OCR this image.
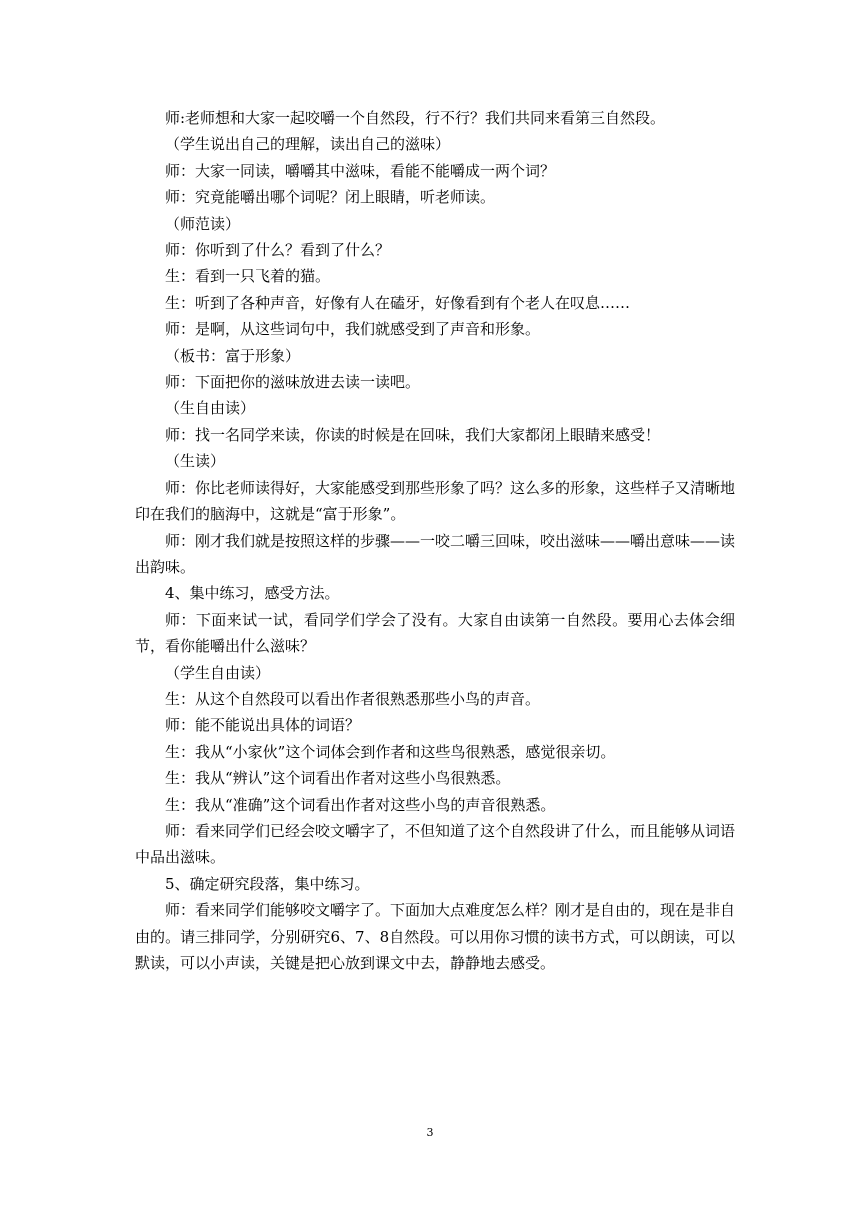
师:老师想和大家一起咬嚼一个自然段，行不行？我们共同来看第三自然段。

（学生说出自己的理解，读出自己的滋味）

师：大家一同读，嚼嚼其中滋味，看能不能嚼成一两个词？

师：究竟能嚼出哪个词呢？闭上眼睛，听老师读。

（师范读）

师：你听到了什么？看到了什么？

生：看到一只飞着的猫。

生：听到了各种声音，好像有人在磕牙，好像看到有个老人在叹息……

师：是啊，从这些词句中，我们就感受到了声音和形象。

（板书：富于形象）

师：下面把你的滋味放进去读一读吧。

（生自由读）

师：找一名同学来读，你读的时候是在回味，我们大家都闭上眼睛来感受！

（生读）

师：你比老师读得好，大家能感受到那些形象了吗？这么多的形象，这些样子又清晰地印在我们的脑海中，这就是“富于形象”。

师：刚才我们就是按照这样的步骤——一咬二嚼三回味，咬出滋味——嚼出意味——读出韵味。

4、集中练习，感受方法。

师：下面来试一试，看同学们学会了没有。大家自由读第一自然段。要用心去体会细节，看你能嚼出什么滋味？

（学生自由读）

生：从这个自然段可以看出作者很熟悉那些小鸟的声音。

师：能不能说出具体的词语？

生：我从“小家伙”这个词体会到作者和这些鸟很熟悉，感觉很亲切。

生：我从“辨认”这个词看出作者对这些小鸟很熟悉。

生：我从“准确”这个词看出作者对这些小鸟的声音很熟悉。

师：看来同学们已经会咬文嚼字了，不但知道了这个自然段讲了什么，而且能够从词语中品出滋味。

5、确定研究段落，集中练习。

师：看来同学们能够咬文嚼字了。下面加大点难度怎么样？刚才是自由的，现在是非自由的。请三排同学，分别研究6、7、8自然段。可以用你习惯的读书方式，可以朗读，可以默读，可以小声读，关键是把心放到课文中去，静静地去感受。

3
